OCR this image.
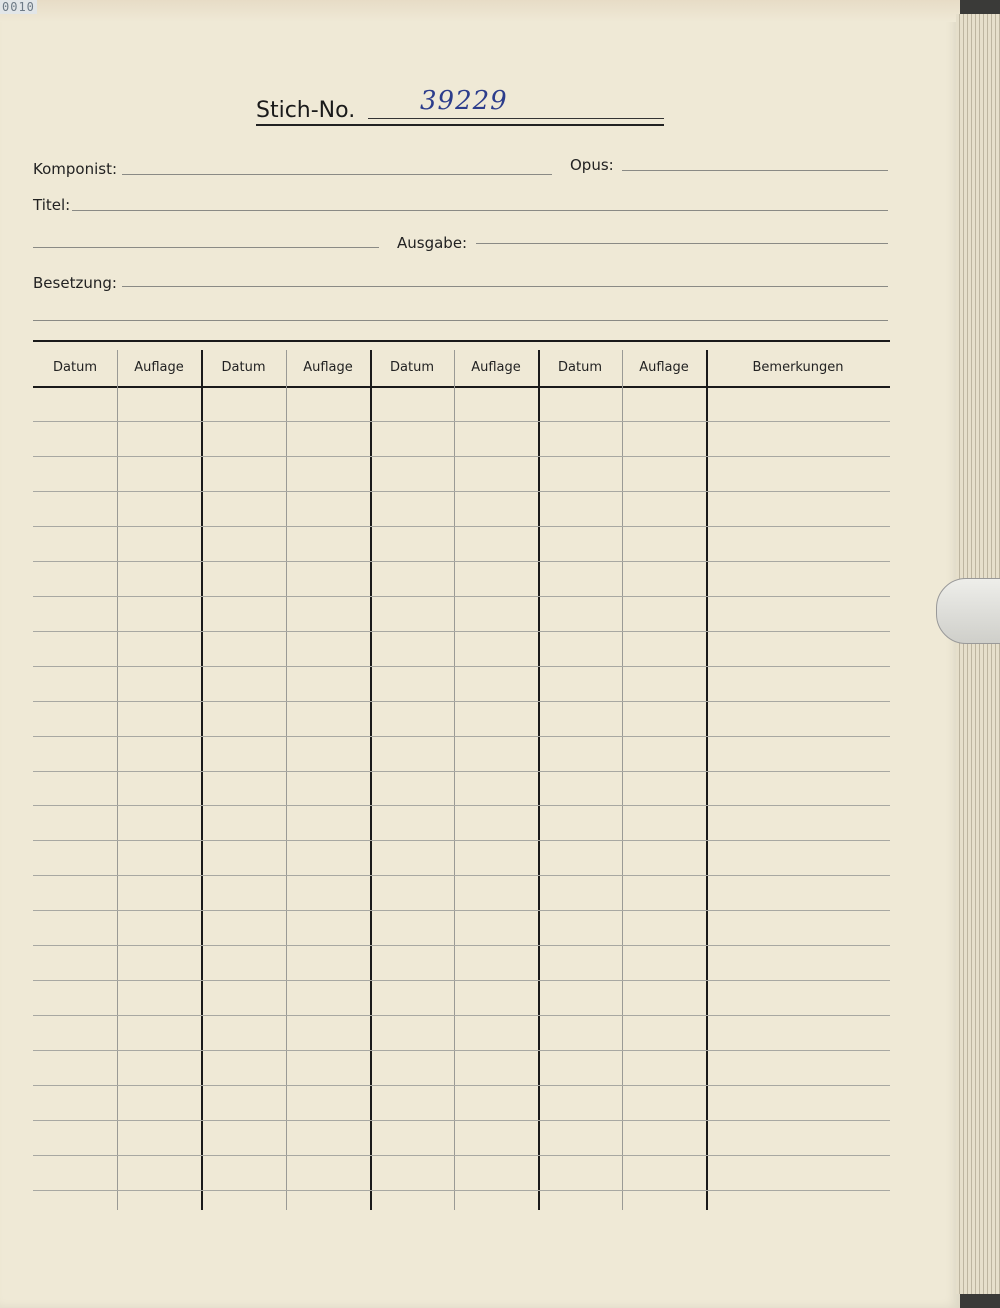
0010
Stich-No. 39229
Komponist:	Opus:
Titel:
Ausgabe:
Besetzung:
Datum	Auflage	Datum	Auflage	Datum	Auflage	Datum	Auflage	Bemerkungen
